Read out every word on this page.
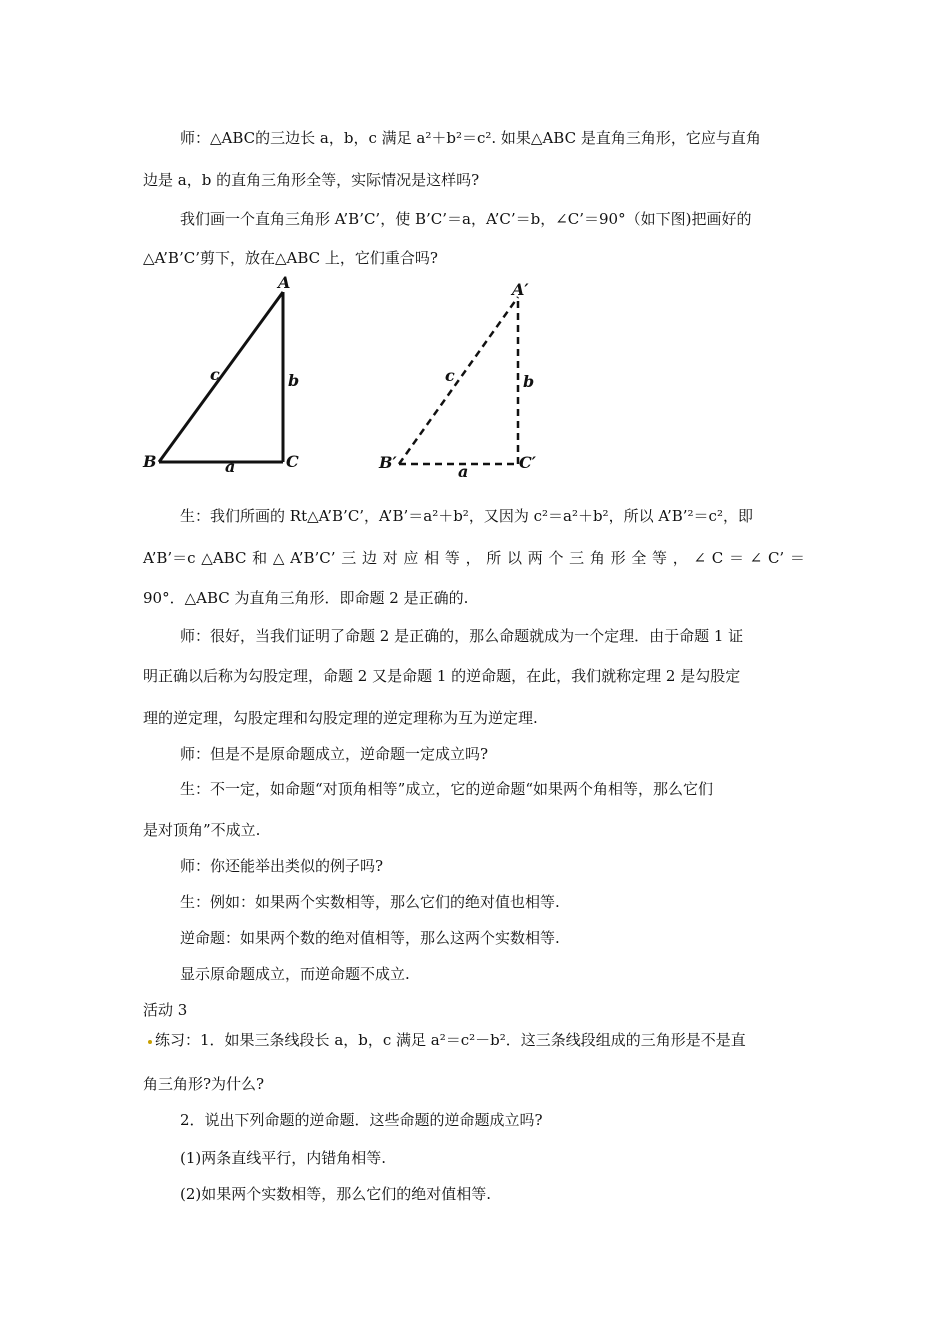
师：△ABC的三边长 a，b，c 满足 a²＋b²＝c². 如果△ABC 是直角三角形，它应与直角
边是 a，b 的直角三角形全等，实际情况是这样吗?
我们画一个直角三角形 A’B’C’，使 B’C’＝a，A’C’＝b，∠C’＝90°（如下图)把画好的
△A’B’C’剪下，放在△ABC 上，它们重合吗?
A
B	C
a
b
c
A′
B′	C′
a
b
c
生：我们所画的 Rt△A’B’C’，A’B’＝a²＋b²，又因为 c²＝a²＋b²，所以 A’B’²＝c²，即
A’B’＝c △ABC 和 △ A’B’C’ 三 边 对 应 相 等 ， 所 以 两 个 三 角 形 全 等 ， ∠ C ＝ ∠ C’ ＝
90°．△ABC 为直角三角形．即命题 2 是正确的.
师：很好，当我们证明了命题 2 是正确的，那么命题就成为一个定理．由于命题 1 证
明正确以后称为勾股定理，命题 2 又是命题 1 的逆命题，在此，我们就称定理 2 是勾股定
理的逆定理，勾股定理和勾股定理的逆定理称为互为逆定理.
师：但是不是原命题成立，逆命题一定成立吗?
生：不一定，如命题“对顶角相等”成立，它的逆命题“如果两个角相等，那么它们
是对顶角”不成立.
师：你还能举出类似的例子吗?
生：例如：如果两个实数相等，那么它们的绝对值也相等.
逆命题：如果两个数的绝对值相等，那么这两个实数相等.
显示原命题成立，而逆命题不成立.
活动 3
练习：1．如果三条线段长 a，b，c 满足 a²＝c²－b²．这三条线段组成的三角形是不是直
角三角形?为什么?
2．说出下列命题的逆命题．这些命题的逆命题成立吗?
(1)两条直线平行，内错角相等.
(2)如果两个实数相等，那么它们的绝对值相等.
